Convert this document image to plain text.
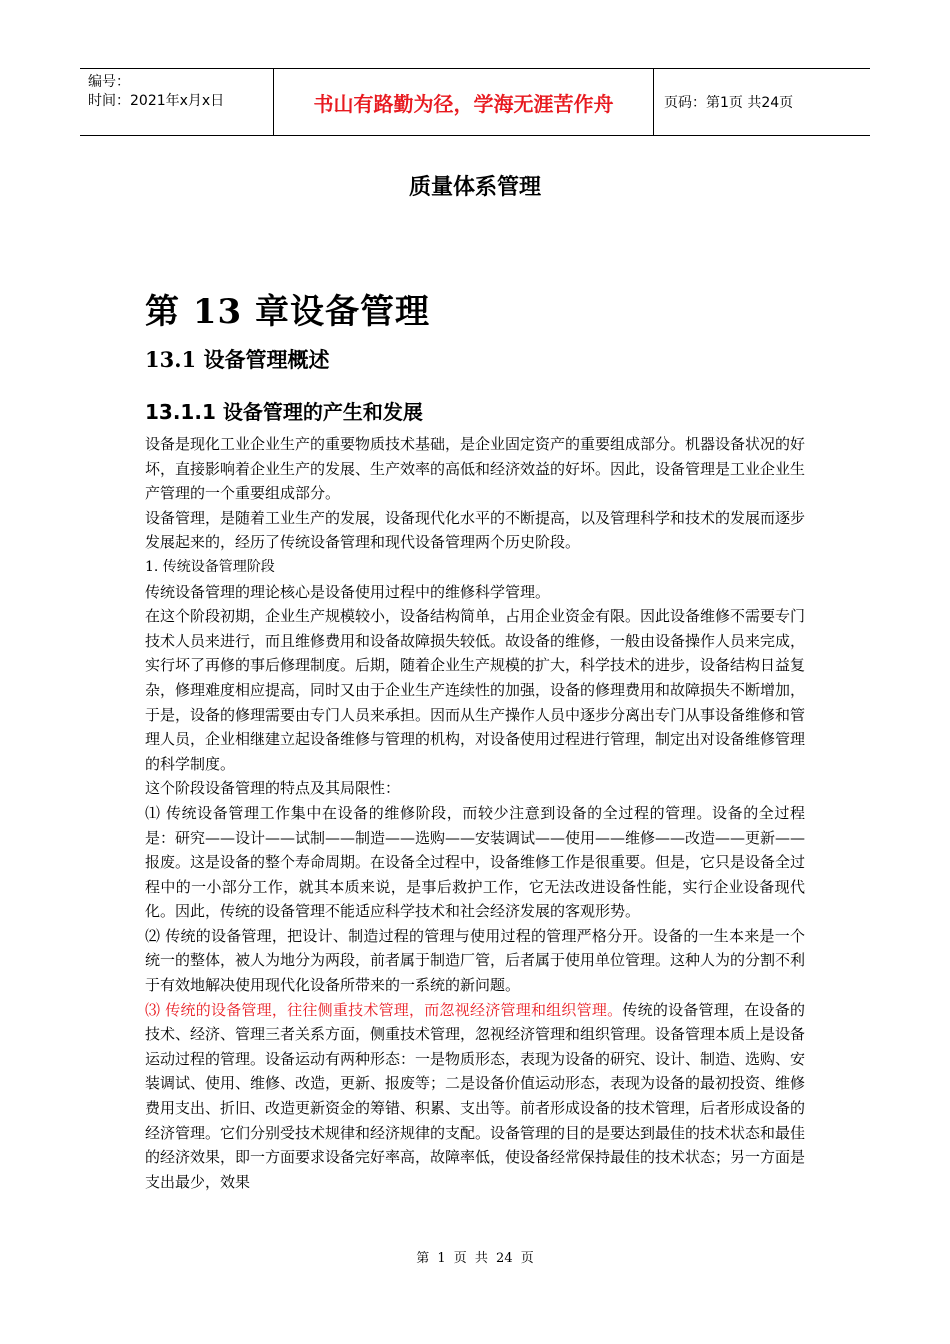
编号：
时间：2021年x月x日	书山有路勤为径，学海无涯苦作舟	页码：第1页 共24页
质量体系管理
第 13 章设备管理
13.1 设备管理概述
13.1.1 设备管理的产生和发展

设备是现化工业企业生产的重要物质技术基础，是企业固定资产的重要组成部分。机器设备状况的好坏，直接影响着企业生产的发展、生产效率的高低和经济效益的好坏。因此，设备管理是工业企业生产管理的一个重要组成部分。

设备管理，是随着工业生产的发展，设备现代化水平的不断提高，以及管理科学和技术的发展而逐步发展起来的，经历了传统设备管理和现代设备管理两个历史阶段。

1. 传统设备管理阶段

传统设备管理的理论核心是设备使用过程中的维修科学管理。

在这个阶段初期，企业生产规模较小，设备结构简单，占用企业资金有限。因此设备维修不需要专门技术人员来进行，而且维修费用和设备故障损失较低。故设备的维修，一般由设备操作人员来完成，实行坏了再修的事后修理制度。后期，随着企业生产规模的扩大，科学技术的进步，设备结构日益复杂，修理难度相应提高，同时又由于企业生产连续性的加强，设备的修理费用和故障损失不断增加，于是，设备的修理需要由专门人员来承担。因而从生产操作人员中逐步分离出专门从事设备维修和管理人员，企业相继建立起设备维修与管理的机构，对设备使用过程进行管理，制定出对设备维修管理的科学制度。

这个阶段设备管理的特点及其局限性：

⑴ 传统设备管理工作集中在设备的维修阶段，而较少注意到设备的全过程的管理。设备的全过程是：研究——设计——试制——制造——选购——安装调试——使用——维修——改造——更新——报废。这是设备的整个寿命周期。在设备全过程中，设备维修工作是很重要。但是，它只是设备全过程中的一小部分工作，就其本质来说，是事后救护工作，它无法改进设备性能，实行企业设备现代化。因此，传统的设备管理不能适应科学技术和社会经济发展的客观形势。

⑵ 传统的设备管理，把设计、制造过程的管理与使用过程的管理严格分开。设备的一生本来是一个统一的整体，被人为地分为两段，前者属于制造厂管，后者属于使用单位管理。这种人为的分割不利于有效地解决使用现代化设备所带来的一系统的新问题。

⑶ 传统的设备管理，往往侧重技术管理，而忽视经济管理和组织管理。传统的设备管理，在设备的技术、经济、管理三者关系方面，侧重技术管理，忽视经济管理和组织管理。设备管理本质上是设备运动过程的管理。设备运动有两种形态：一是物质形态，表现为设备的研究、设计、制造、选购、安装调试、使用、维修、改造，更新、报废等；二是设备价值运动形态，表现为设备的最初投资、维修费用支出、折旧、改造更新资金的筹错、积累、支出等。前者形成设备的技术管理，后者形成设备的经济管理。它们分别受技术规律和经济规律的支配。设备管理的目的是要达到最佳的技术状态和最佳的经济效果，即一方面要求设备完好率高，故障率低，使设备经常保持最佳的技术状态；另一方面是支出最少，效果

第 1 页 共 24 页
